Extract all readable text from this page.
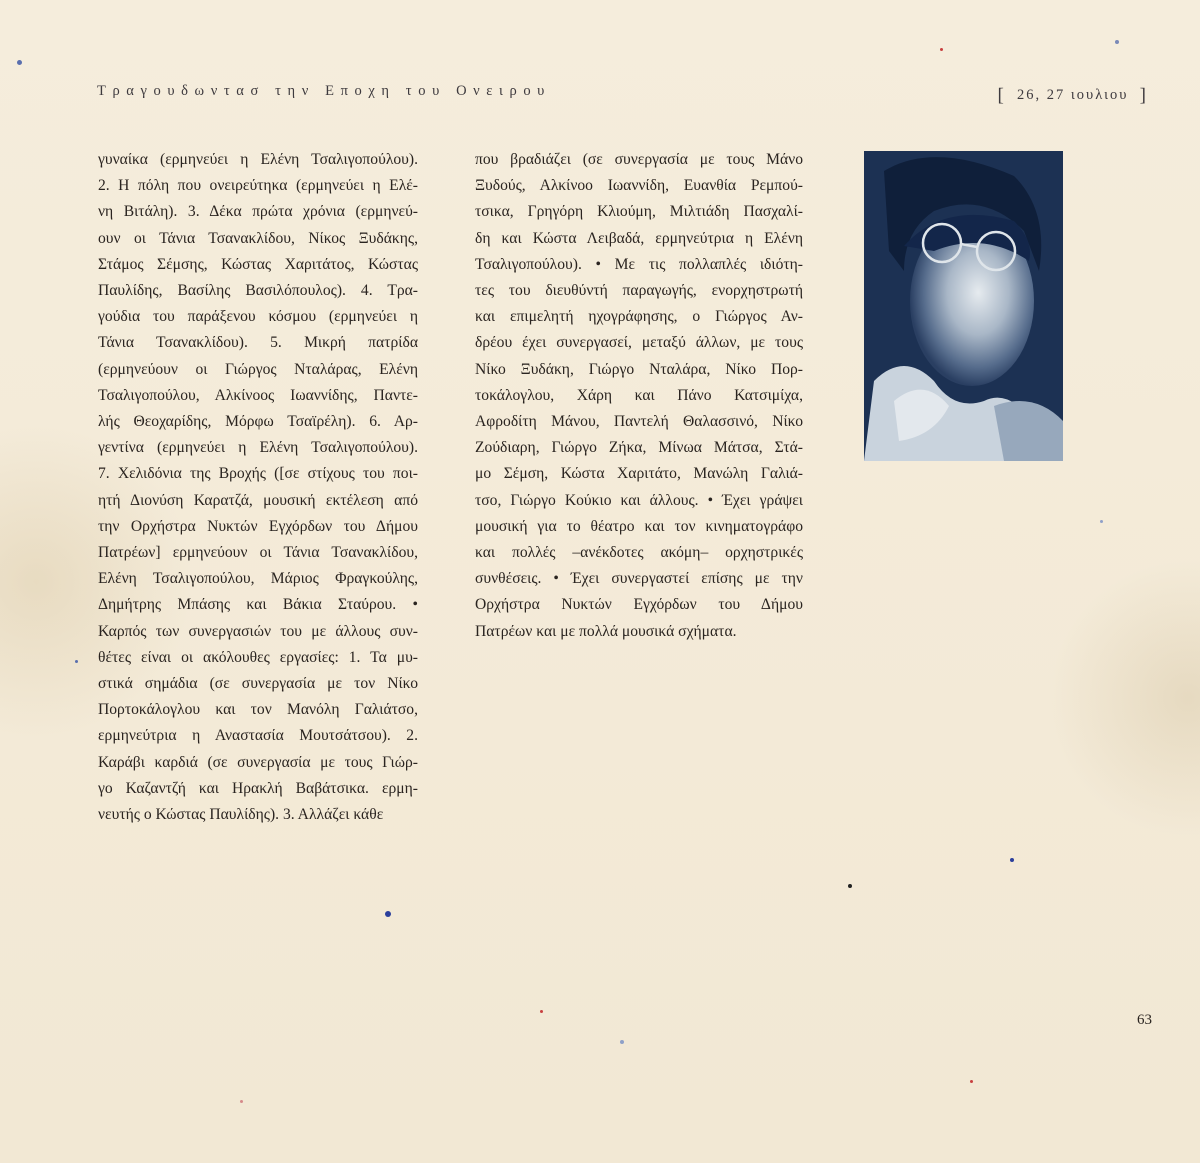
Τραγουδωντασ την Εποχη του Ονειρου	[ 26, 27 ιουλιου ]
γυναίκα (ερμηνεύει η Ελένη Τσαλιγοπούλου).
2. Η πόλη που ονειρεύτηκα (ερμηνεύει η Ελέ-
νη Βιτάλη). 3. Δέκα πρώτα χρόνια (ερμηνεύ-
ουν οι Τάνια Τσανακλίδου, Νίκος Ξυδάκης,
Στάμος Σέμσης, Κώστας Χαριτάτος, Κώστας
Παυλίδης, Βασίλης Βασιλόπουλος). 4. Τρα-
γούδια του παράξενου κόσμου (ερμηνεύει η
Τάνια Τσανακλίδου). 5. Μικρή πατρίδα
(ερμηνεύουν οι Γιώργος Νταλάρας, Ελένη
Τσαλιγοπούλου, Αλκίνοος Ιωαννίδης, Παντε-
λής Θεοχαρίδης, Μόρφω Τσαϊρέλη). 6. Αρ-
γεντίνα (ερμηνεύει η Ελένη Τσαλιγοπούλου).
7. Χελιδόνια της Βροχής ([σε στίχους του ποι-
ητή Διονύση Καρατζά, μουσική εκτέλεση από
την Ορχήστρα Νυκτών Εγχόρδων του Δήμου
Πατρέων] ερμηνεύουν οι Τάνια Τσανακλίδου,
Ελένη Τσαλιγοπούλου, Μάριος Φραγκούλης,
Δημήτρης Μπάσης και Βάκια Σταύρου. •
Καρπός των συνεργασιών του με άλλους συν-
θέτες είναι οι ακόλουθες εργασίες: 1. Τα μυ-
στικά σημάδια (σε συνεργασία με τον Νίκο
Πορτοκάλογλου και τον Μανόλη Γαλιάτσο,
ερμηνεύτρια η Αναστασία Μουτσάτσου). 2.
Καράβι καρδιά (σε συνεργασία με τους Γιώρ-
γο Καζαντζή και Ηρακλή Βαβάτσικα. ερμη-
νευτής ο Κώστας Παυλίδης). 3. Αλλάζει κάθε
που βραδιάζει (σε συνεργασία με τους Μάνο
Ξυδούς, Αλκίνοο Ιωαννίδη, Ευανθία Ρεμπού-
τσικα, Γρηγόρη Κλιούμη, Μιλτιάδη Πασχαλί-
δη και Κώστα Λειβαδά, ερμηνεύτρια η Ελένη
Τσαλιγοπούλου). • Με τις πολλαπλές ιδιότη-
τες του διευθύντή παραγωγής, ενορχηστρωτή
και επιμελητή ηχογράφησης, ο Γιώργος Αν-
δρέου έχει συνεργασεί, μεταξύ άλλων, με τους
Νίκο Ξυδάκη, Γιώργο Νταλάρα, Νίκο Πορ-
τοκάλογλου, Χάρη και Πάνο Κατσιμίχα,
Αφροδίτη Μάνου, Παντελή Θαλασσινό, Νίκο
Ζούδιαρη, Γιώργο Ζήκα, Μίνωα Μάτσα, Στά-
μο Σέμση, Κώστα Χαριτάτο, Μανώλη Γαλιά-
τσο, Γιώργο Κούκιο και άλλους. • Έχει γράψει
μουσική για το θέατρο και τον κινηματογράφο
και πολλές –ανέκδοτες ακόμη– ορχηστρικές
συνθέσεις. • Έχει συνεργαστεί επίσης με την
Ορχήστρα Νυκτών Εγχόρδων του Δήμου
Πατρέων και με πολλά μουσικά σχήματα.
63
